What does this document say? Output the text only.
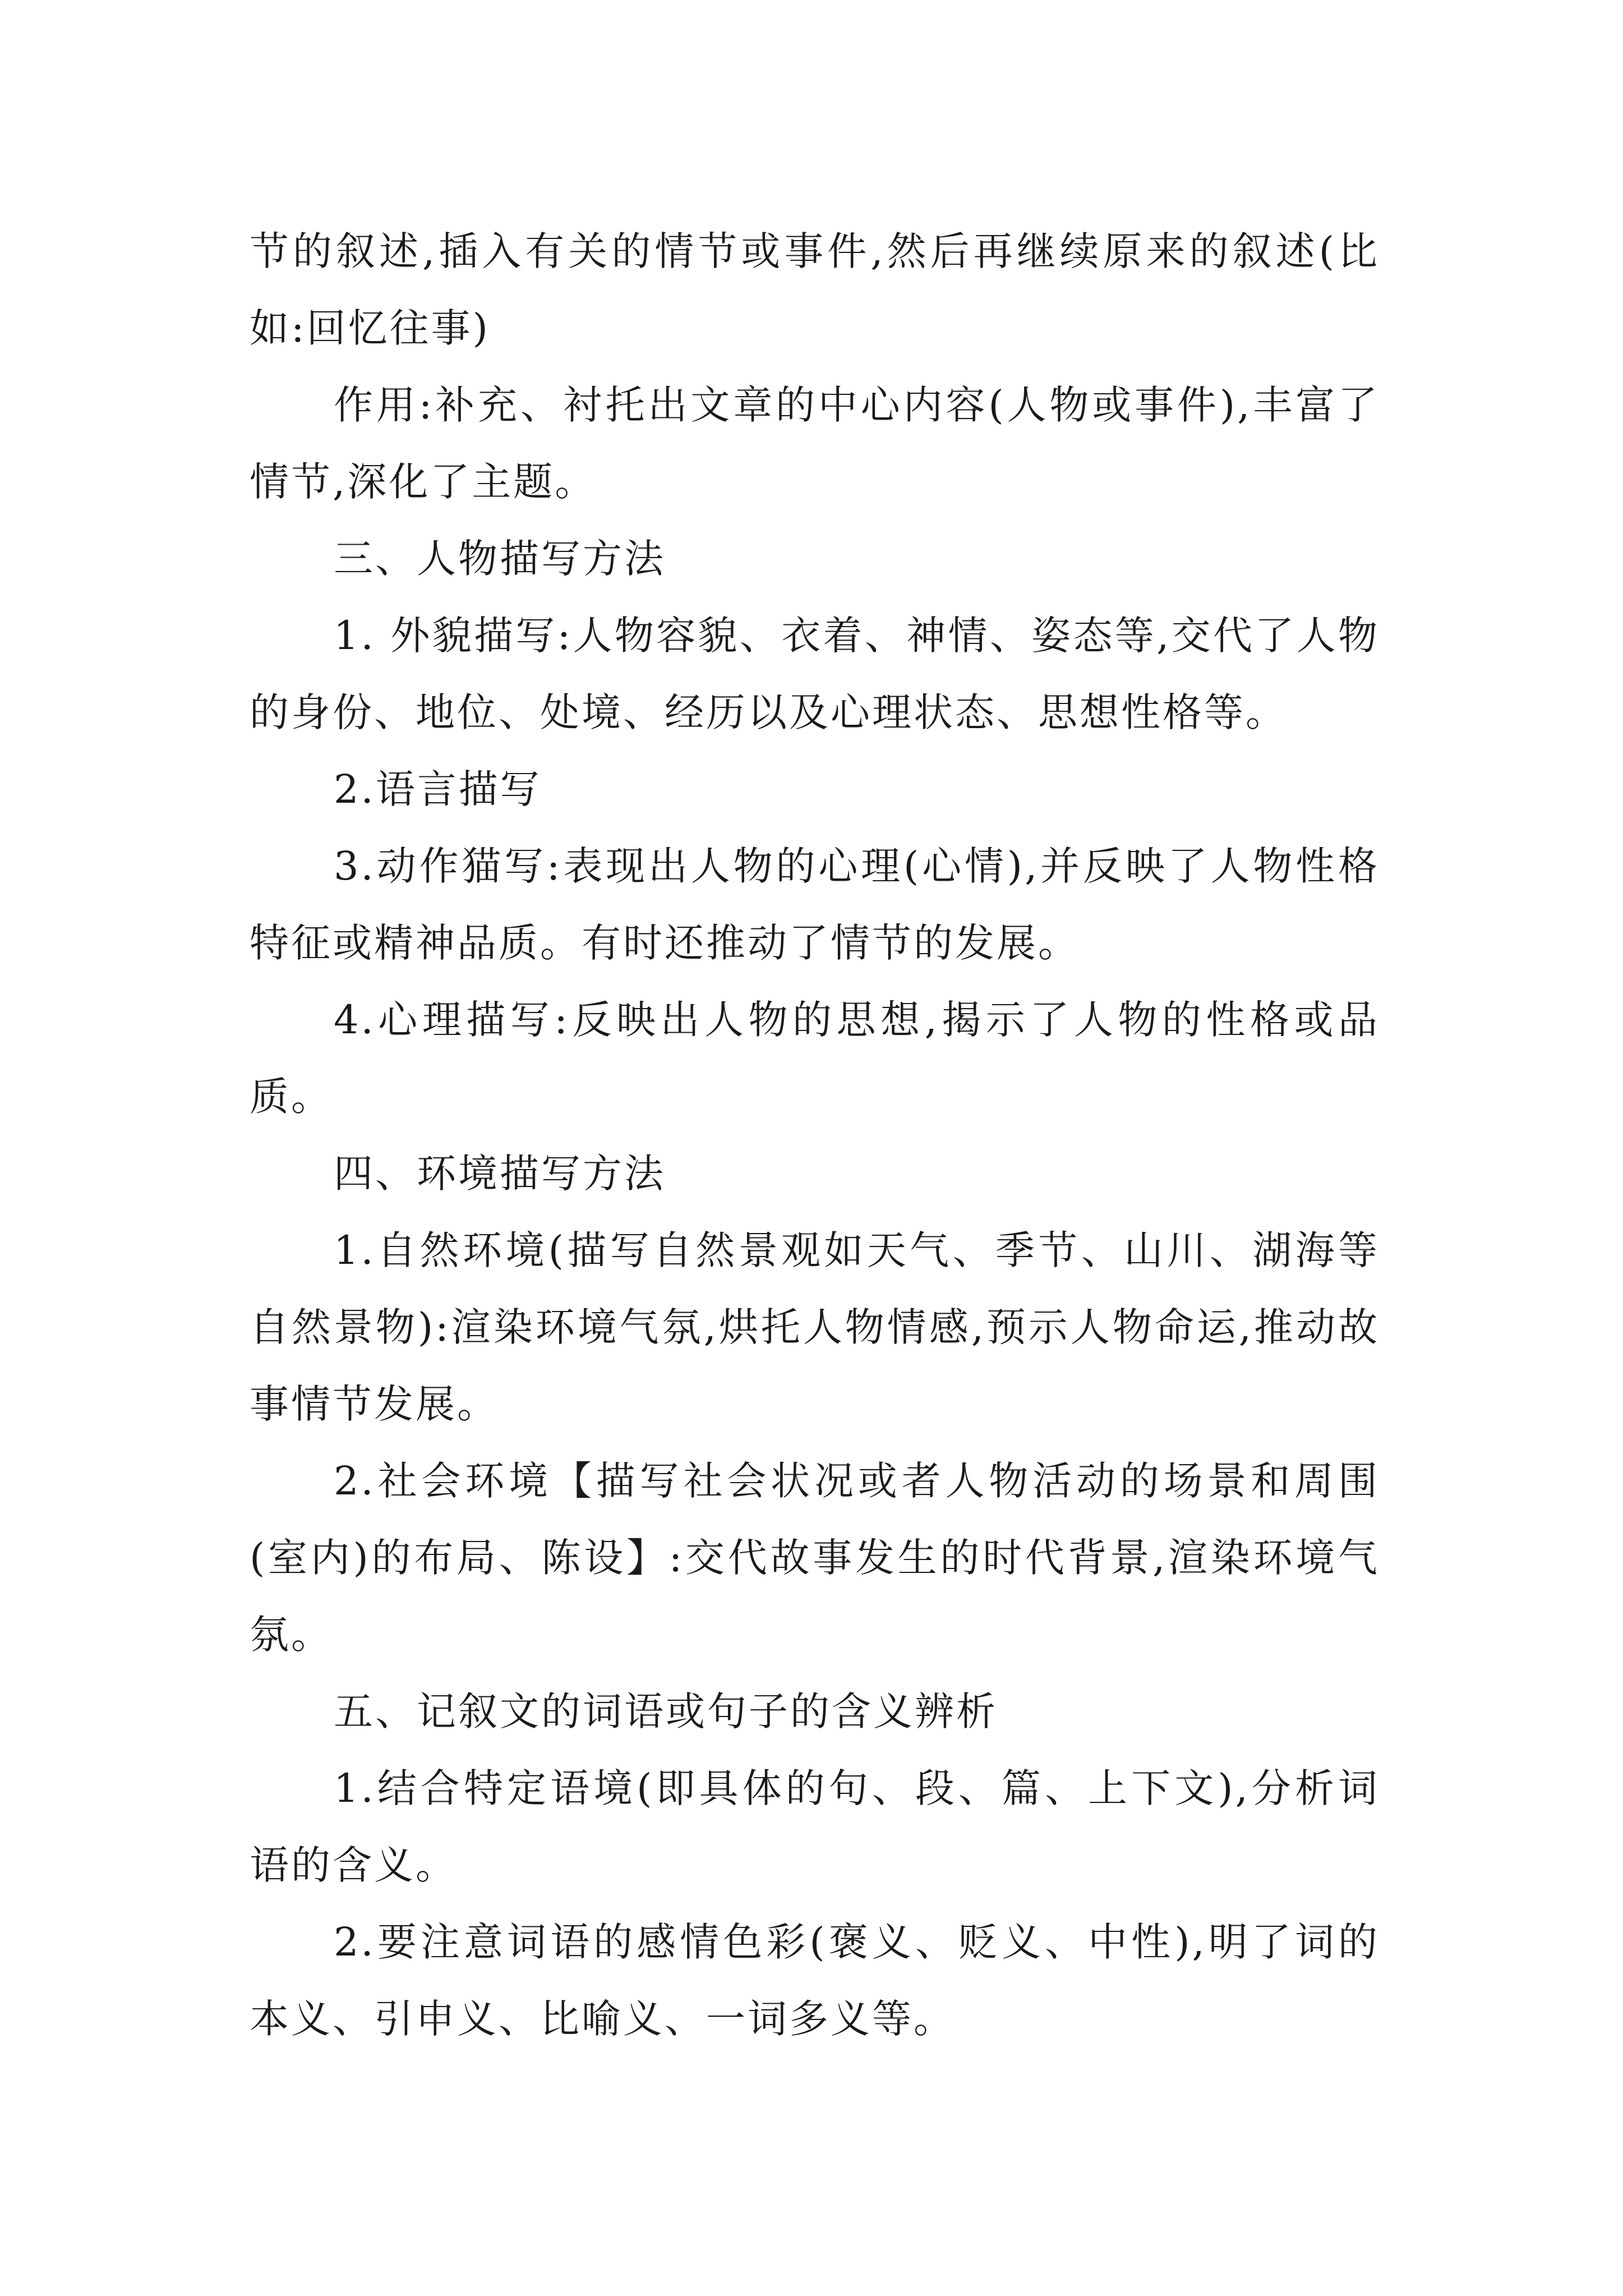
节的叙述,插入有关的情节或事件,然后再继续原来的叙述(比如:回忆往事)

作用:补充、衬托出文章的中心内容(人物或事件),丰富了情节,深化了主题。

三、人物描写方法

1. 外貌描写:人物容貌、衣着、神情、姿态等,交代了人物的身份、地位、处境、经历以及心理状态、思想性格等。

2.语言描写

3.动作猫写:表现出人物的心理(心情),并反映了人物性格特征或精神品质。有时还推动了情节的发展。

4.心理描写:反映出人物的思想,揭示了人物的性格或品质。

四、环境描写方法

1.自然环境(描写自然景观如天气、季节、山川、湖海等自然景物):渲染环境气氛,烘托人物情感,预示人物命运,推动故事情节发展。

2.社会环境【描写社会状况或者人物活动的场景和周围(室内)的布局、陈设】:交代故事发生的时代背景,渲染环境气氛。

五、记叙文的词语或句子的含义辨析

1.结合特定语境(即具体的句、段、篇、上下文),分析词语的含义。

2.要注意词语的感情色彩(褒义、贬义、中性),明了词的本义、引申义、比喻义、一词多义等。
